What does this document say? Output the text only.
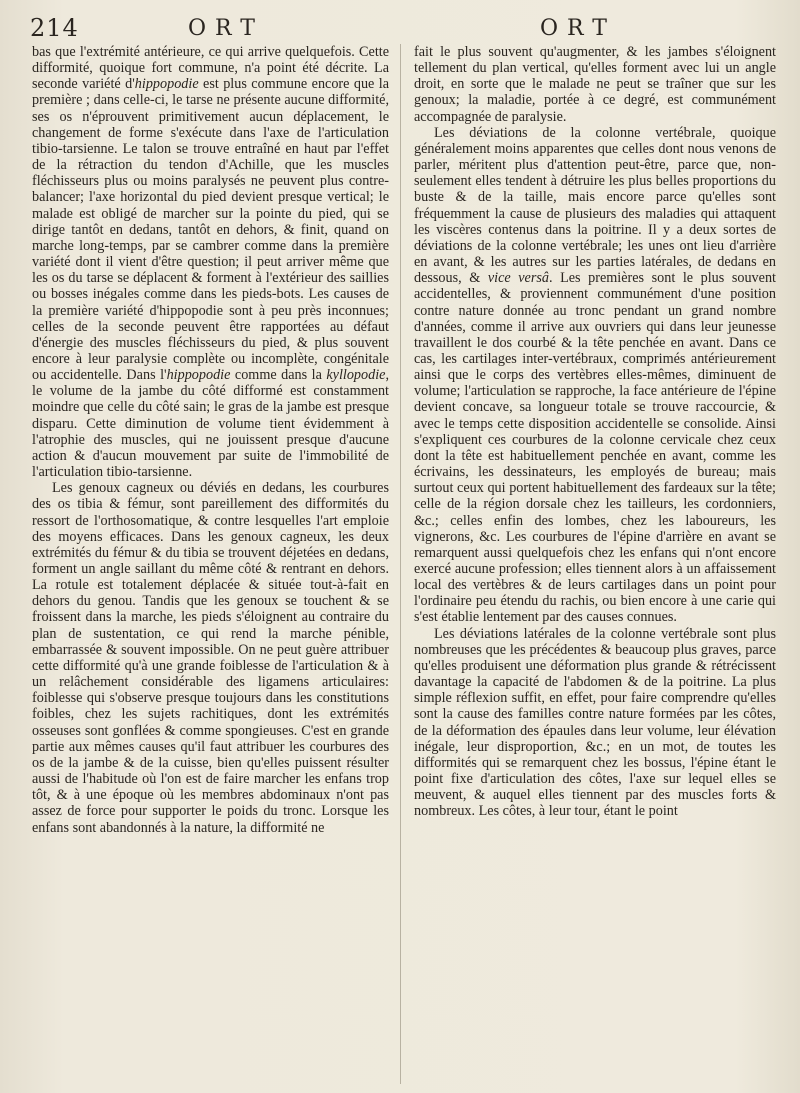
214	ORT	ORT

bas que l'extrémité antérieure, ce qui arrive quelquefois. Cette difformité, quoique fort commune, n'a point été décrite. La seconde variété d'hippopodie est plus commune encore que la première ; dans celle-ci, le tarse ne présente aucune difformité, ses os n'éprouvent primitivement aucun déplacement, le changement de forme s'exécute dans l'axe de l'articulation tibio-tarsienne. Le talon se trouve entraîné en haut par l'effet de la rétraction du tendon d'Achille, que les muscles fléchisseurs plus ou moins paralysés ne peuvent plus contre-balancer; l'axe horizontal du pied devient presque vertical; le malade est obligé de marcher sur la pointe du pied, qui se dirige tantôt en dedans, tantôt en dehors, & finit, quand on marche long-temps, par se cambrer comme dans la première variété dont il vient d'être question; il peut arriver même que les os du tarse se déplacent & forment à l'extérieur des saillies ou bosses inégales comme dans les pieds-bots. Les causes de la première variété d'hippopodie sont à peu près inconnues; celles de la seconde peuvent être rapportées au défaut d'énergie des muscles fléchisseurs du pied, & plus souvent encore à leur paralysie complète ou incomplète, congénitale ou accidentelle. Dans l'hippopodie comme dans la kyllopodie, le volume de la jambe du côté difformé est constamment moindre que celle du côté sain; le gras de la jambe est presque disparu. Cette diminution de volume tient évidemment à l'atrophie des muscles, qui ne jouissent presque d'aucune action & d'aucun mouvement par suite de l'immobilité de l'articulation tibio-tarsienne.

Les genoux cagneux ou déviés en dedans, les courbures des os tibia & fémur, sont pareillement des difformités du ressort de l'orthosomatique, & contre lesquelles l'art emploie des moyens efficaces. Dans les genoux cagneux, les deux extrémités du fémur & du tibia se trouvent déjetées en dedans, forment un angle saillant du même côté & rentrant en dehors. La rotule est totalement déplacée & située tout-à-fait en dehors du genou. Tandis que les genoux se touchent & se froissent dans la marche, les pieds s'éloignent au contraire du plan de sustentation, ce qui rend la marche pénible, embarrassée & souvent impossible. On ne peut guère attribuer cette difformité qu'à une grande foiblesse de l'articulation & à un relâchement considérable des ligamens articulaires: foiblesse qui s'observe presque toujours dans les constitutions foibles, chez les sujets rachitiques, dont les extrémités osseuses sont gonflées & comme spongieuses. C'est en grande partie aux mêmes causes qu'il faut attribuer les courbures des os de la jambe & de la cuisse, bien qu'elles puissent résulter aussi de l'habitude où l'on est de faire marcher les enfans trop tôt, & à une époque où les membres abdominaux n'ont pas assez de force pour supporter le poids du tronc. Lorsque les enfans sont abandonnés à la nature, la difformité ne

fait le plus souvent qu'augmenter, & les jambes s'éloignent tellement du plan vertical, qu'elles forment avec lui un angle droit, en sorte que le malade ne peut se traîner que sur les genoux; la maladie, portée à ce degré, est communément accompagnée de paralysie.

Les déviations de la colonne vertébrale, quoique généralement moins apparentes que celles dont nous venons de parler, méritent plus d'attention peut-être, parce que, non-seulement elles tendent à détruire les plus belles proportions du buste & de la taille, mais encore parce qu'elles sont fréquemment la cause de plusieurs des maladies qui attaquent les viscères contenus dans la poitrine. Il y a deux sortes de déviations de la colonne vertébrale; les unes ont lieu d'arrière en avant, & les autres sur les parties latérales, de dedans en dessous, & vice versâ. Les premières sont le plus souvent accidentelles, & proviennent communément d'une position contre nature donnée au tronc pendant un grand nombre d'années, comme il arrive aux ouvriers qui dans leur jeunesse travaillent le dos courbé & la tête penchée en avant. Dans ce cas, les cartilages inter-vertébraux, comprimés antérieurement ainsi que le corps des vertèbres elles-mêmes, diminuent de volume; l'articulation se rapproche, la face antérieure de l'épine devient concave, sa longueur totale se trouve raccourcie, & avec le temps cette disposition accidentelle se consolide. Ainsi s'expliquent ces courbures de la colonne cervicale chez ceux dont la tête est habituellement penchée en avant, comme les écrivains, les dessinateurs, les employés de bureau; mais surtout ceux qui portent habituellement des fardeaux sur la tête; celle de la région dorsale chez les tailleurs, les cordonniers, &c.; celles enfin des lombes, chez les laboureurs, les vignerons, &c. Les courbures de l'épine d'arrière en avant se remarquent aussi quelquefois chez les enfans qui n'ont encore exercé aucune profession; elles tiennent alors à un affaissement local des vertèbres & de leurs cartilages dans un point pour l'ordinaire peu étendu du rachis, ou bien encore à une carie qui s'est établie lentement par des causes connues.

Les déviations latérales de la colonne vertébrale sont plus nombreuses que les précédentes & beaucoup plus graves, parce qu'elles produisent une déformation plus grande & rétrécissent davantage la capacité de l'abdomen & de la poitrine. La plus simple réflexion suffit, en effet, pour faire comprendre qu'elles sont la cause des familles contre nature formées par les côtes, de la déformation des épaules dans leur volume, leur élévation inégale, leur disproportion, &c.; en un mot, de toutes les difformités qui se remarquent chez les bossus, l'épine étant le point fixe d'articulation des côtes, l'axe sur lequel elles se meuvent, & auquel elles tiennent par des muscles forts & nombreux. Les côtes, à leur tour, étant le point
